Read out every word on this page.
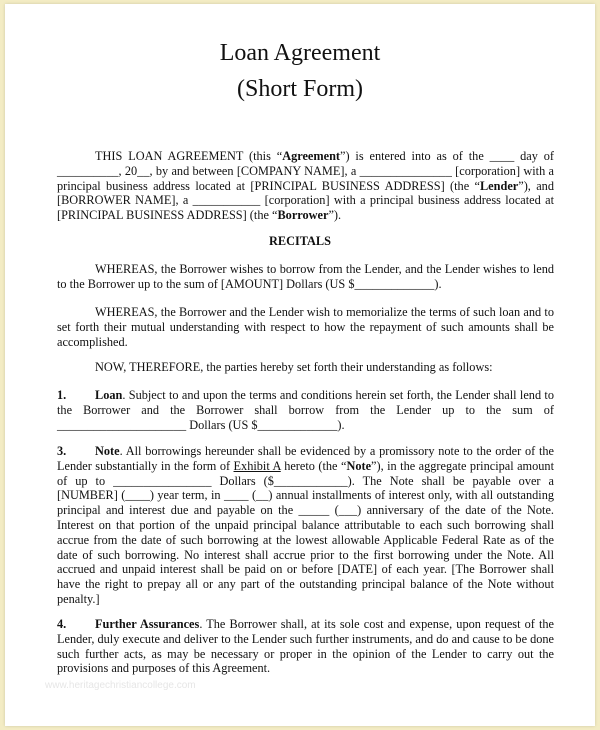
Loan Agreement
(Short Form)

THIS LOAN AGREEMENT (this “Agreement”) is entered into as of the ____ day of __________, 20__, by and between [COMPANY NAME], a _______________ [corporation] with a principal business address located at [PRINCIPAL BUSINESS ADDRESS] (the “Lender”), and [BORROWER NAME], a ___________ [corporation] with a principal business address located at [PRINCIPAL BUSINESS ADDRESS] (the “Borrower”).

RECITALS

WHEREAS, the Borrower wishes to borrow from the Lender, and the Lender wishes to lend to the Borrower up to the sum of [AMOUNT] Dollars (US $_____________).

WHEREAS, the Borrower and the Lender wish to memorialize the terms of such loan and to set forth their mutual understanding with respect to how the repayment of such amounts shall be accomplished.

NOW, THEREFORE, the parties hereby set forth their understanding as follows:

1. Loan. Subject to and upon the terms and conditions herein set forth, the Lender shall lend to the Borrower and the Borrower shall borrow from the Lender up to the sum of _____________________ Dollars (US $_____________).

3. Note. All borrowings hereunder shall be evidenced by a promissory note to the order of the Lender substantially in the form of Exhibit A hereto (the “Note”), in the aggregate principal amount of up to ________________ Dollars ($____________). The Note shall be payable over a [NUMBER] (____) year term, in ____ (__) annual installments of interest only, with all outstanding principal and interest due and payable on the _____ (___) anniversary of the date of the Note. Interest on that portion of the unpaid principal balance attributable to each such borrowing shall accrue from the date of such borrowing at the lowest allowable Applicable Federal Rate as of the date of such borrowing. No interest shall accrue prior to the first borrowing under the Note. All accrued and unpaid interest shall be paid on or before [DATE] of each year. [The Borrower shall have the right to prepay all or any part of the outstanding principal balance of the Note without penalty.]

4. Further Assurances. The Borrower shall, at its sole cost and expense, upon request of the Lender, duly execute and deliver to the Lender such further instruments, and do and cause to be done such further acts, as may be necessary or proper in the opinion of the Lender to carry out the provisions and purposes of this Agreement.

www.heritagechristiancollege.com
